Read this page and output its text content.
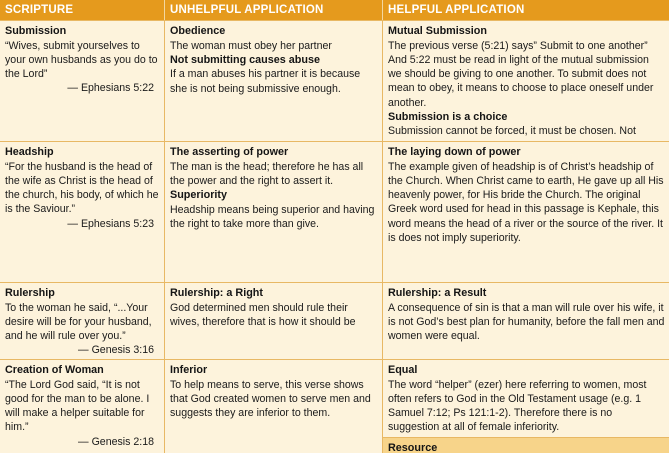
SCRIPTURE	UNHELPFUL APPLICATION	HELPFUL APPLICATION
Submission
“Wives, submit yourselves to your own husbands as you do to the Lord”
— Ephesians 5:22
Obedience
The woman must obey her partner
Not submitting causes abuse
If a man abuses his partner it is because she is not being submissive enough.
Mutual Submission
The previous verse (5:21) says” Submit to one another” And 5:22 must be read in light of the mutual submission we should be giving to one another. To submit does not mean to obey, it means to choose to place oneself under another.
Submission is a choice
Submission cannot be forced, it must be chosen. Not
Headship
“For the husband is the head of the wife as Christ is the head of the church, his body, of which he is the Saviour.”
— Ephesians 5:23
The asserting of power
The man is the head; therefore he has all the power and the right to assert it.
Superiority
Headship means being superior and having the right to take more than give.
The laying down of power
The example given of headship is of Christ’s headship of the Church. When Christ came to earth, He gave up all His heavenly power, for His bride the Church. The original Greek word used for head in this passage is Kephale, this word means the head of a river or the source of the river. It is does not imply superiority.
Rulership
To the woman he said, “...Your desire will be for your husband, and he will rule over you.”
— Genesis 3:16
Rulership: a Right
God determined men should rule their wives, therefore that is how it should be
Rulership: a Result
A consequence of sin is that a man will rule over his wife, it is not God’s best plan for humanity, before the fall men and women were equal.
Creation of Woman
“The Lord God said, “It is not good for the man to be alone. I will make a helper suitable for him.”
— Genesis 2:18
Inferior
To help means to serve, this verse shows that God created women to serve men and suggests they are inferior to them.
Equal
The word “helper” (ezer) here referring to women, most often refers to God in the Old Testament usage (e.g. 1 Samuel 7:12; Ps 121:1-2). Therefore there is no suggestion at all of female inferiority.
Resource
